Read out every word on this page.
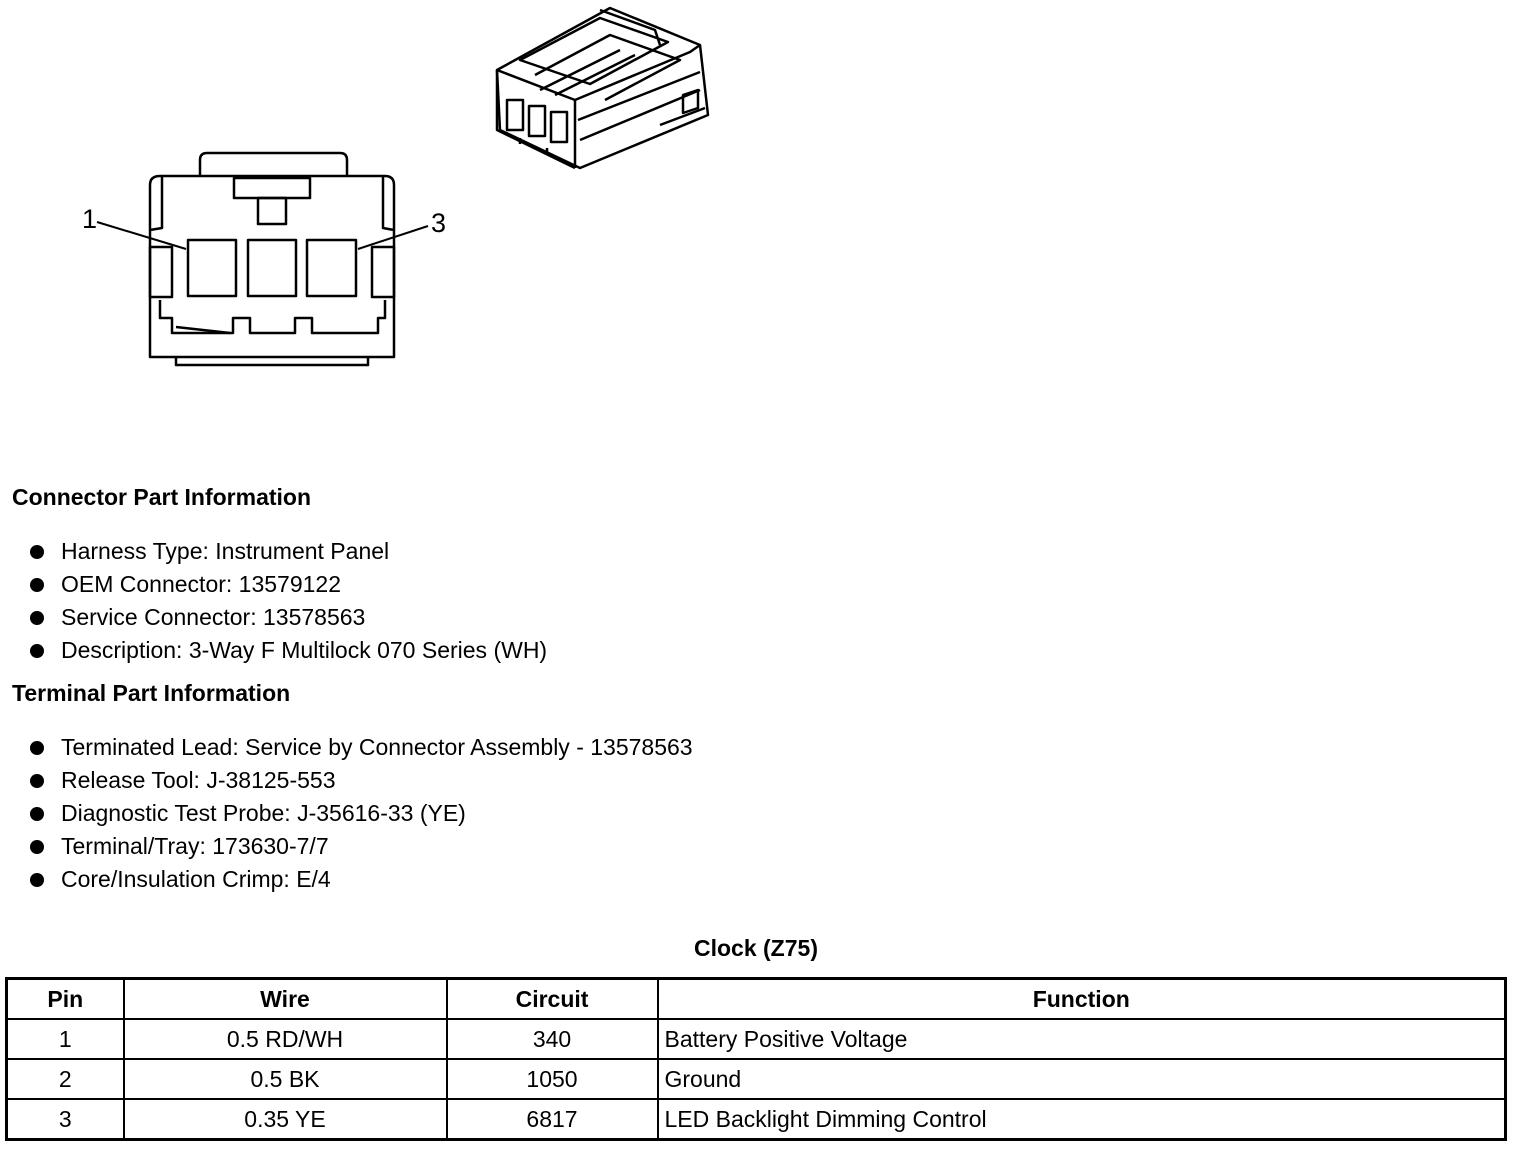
1	3
Connector Part Information
Harness Type: Instrument Panel
OEM Connector: 13579122
Service Connector: 13578563
Description: 3-Way F Multilock 070 Series (WH)
Terminal Part Information
Terminated Lead: Service by Connector Assembly - 13578563
Release Tool: J-38125-553
Diagnostic Test Probe: J-35616-33 (YE)
Terminal/Tray: 173630-7/7
Core/Insulation Crimp: E/4
Clock (Z75)
Pin	Wire	Circuit	Function
1	0.5 RD/WH	340	Battery Positive Voltage
2	0.5 BK	1050	Ground
3	0.35 YE	6817	LED Backlight Dimming Control
